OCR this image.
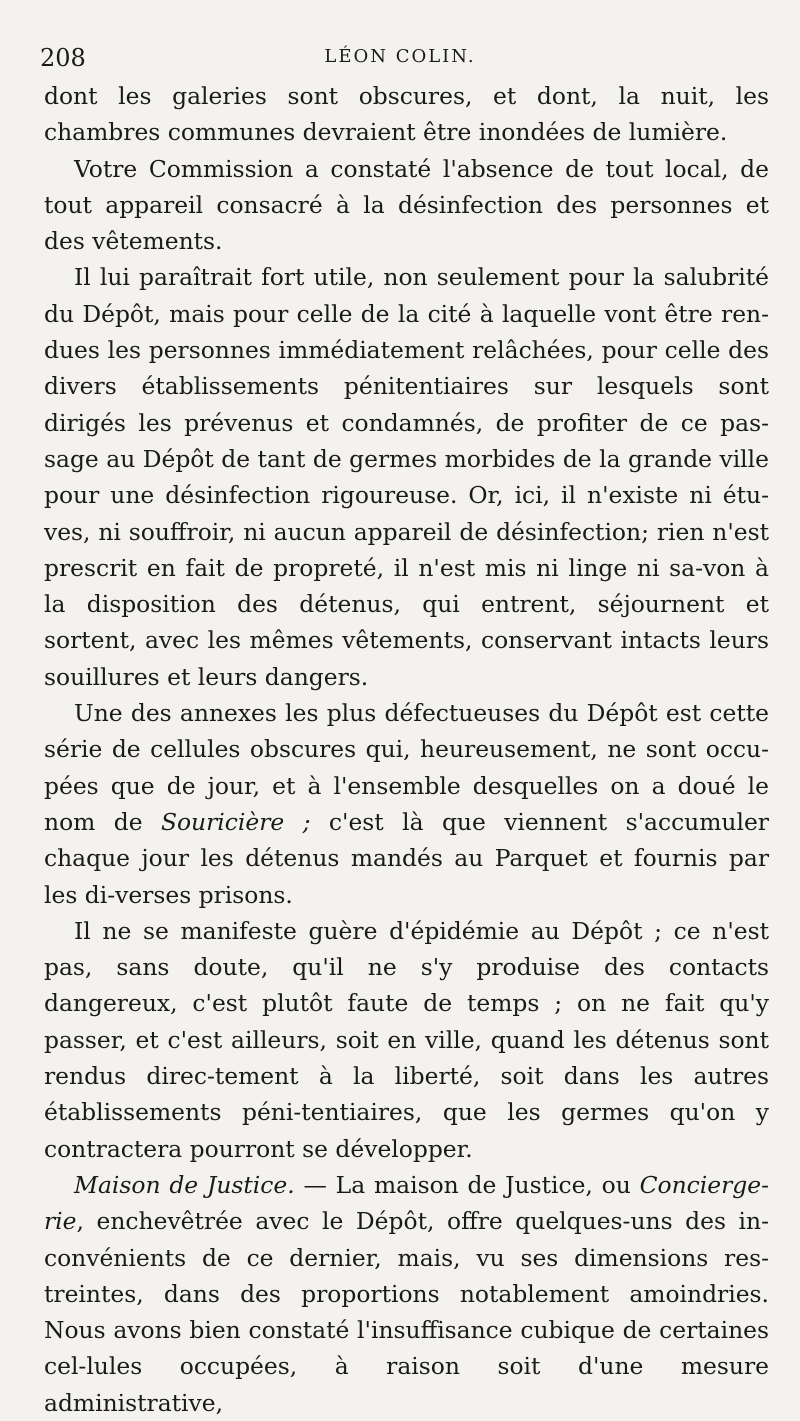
208	LÉON COLIN.

dont les galeries sont obscures, et dont, la nuit, les chambres communes devraient être inondées de lumière.

Votre Commission a constaté l'absence de tout local, de tout appareil consacré à la désinfection des personnes et des vêtements.

Il lui paraîtrait fort utile, non seulement pour la salubrité du Dépôt, mais pour celle de la cité à laquelle vont être ren-dues les personnes immédiatement relâchées, pour celle des divers établissements pénitentiaires sur lesquels sont dirigés les prévenus et condamnés, de profiter de ce pas-sage au Dépôt de tant de germes morbides de la grande ville pour une désinfection rigoureuse. Or, ici, il n'existe ni étu-ves, ni souffroir, ni aucun appareil de désinfection; rien n'est prescrit en fait de propreté, il n'est mis ni linge ni sa-von à la disposition des détenus, qui entrent, séjournent et sortent, avec les mêmes vêtements, conservant intacts leurs souillures et leurs dangers.

Une des annexes les plus défectueuses du Dépôt est cette série de cellules obscures qui, heureusement, ne sont occu-pées que de jour, et à l'ensemble desquelles on a doué le nom de Souricière ; c'est là que viennent s'accumuler chaque jour les détenus mandés au Parquet et fournis par les di-verses prisons.

Il ne se manifeste guère d'épidémie au Dépôt ; ce n'est pas, sans doute, qu'il ne s'y produise des contacts dangereux, c'est plutôt faute de temps ; on ne fait qu'y passer, et c'est ailleurs, soit en ville, quand les détenus sont rendus direc-tement à la liberté, soit dans les autres établissements péni-tentiaires, que les germes qu'on y contractera pourront se développer.

Maison de Justice. — La maison de Justice, ou Concierge-rie, enchevêtrée avec le Dépôt, offre quelques-uns des in-convénients de ce dernier, mais, vu ses dimensions res-treintes, dans des proportions notablement amoindries. Nous avons bien constaté l'insuffisance cubique de certaines cel-lules occupées, à raison soit d'une mesure administrative,
